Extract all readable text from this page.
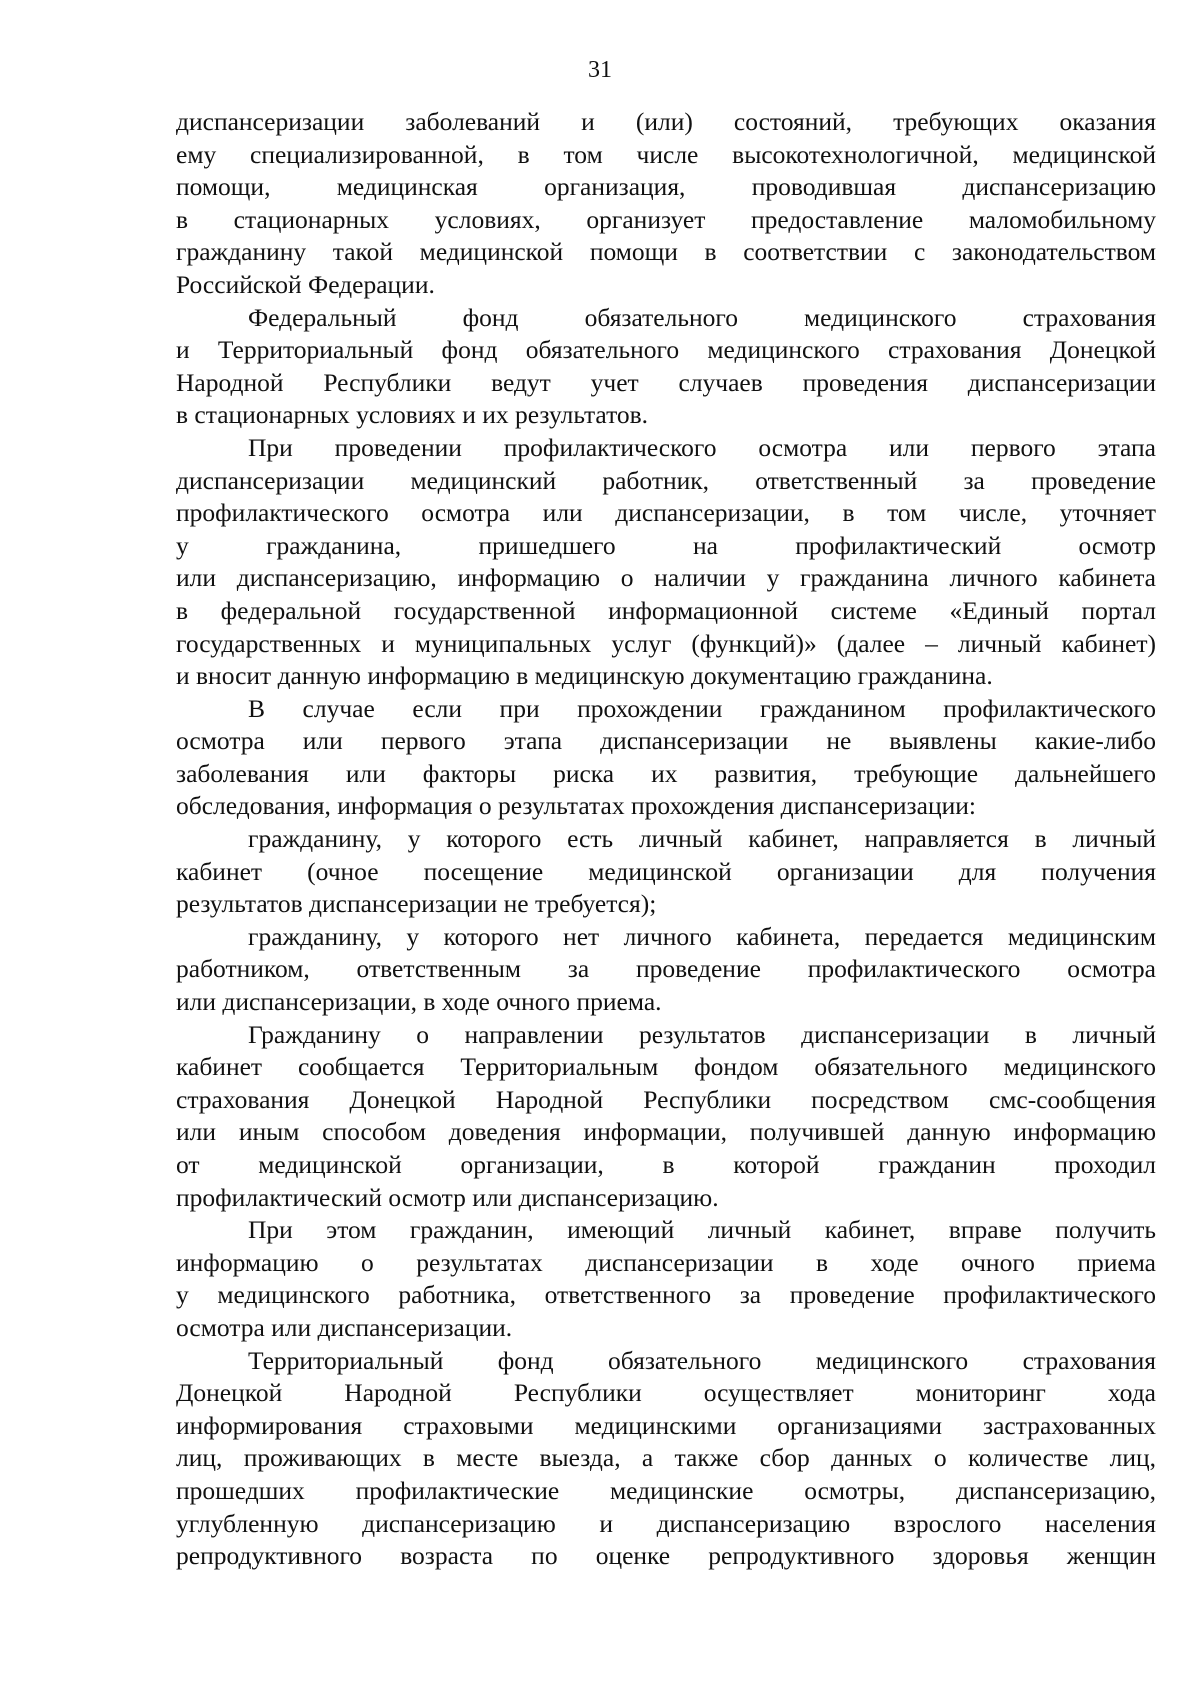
31
диспансеризации заболеваний и (или) состояний, требующих оказания
ему специализированной, в том числе высокотехнологичной, медицинской
помощи, медицинская организация, проводившая диспансеризацию
в стационарных условиях, организует предоставление маломобильному
гражданину такой медицинской помощи в соответствии с законодательством
Российской Федерации.
Федеральный фонд обязательного медицинского страхования
и Территориальный фонд обязательного медицинского страхования Донецкой
Народной Республики ведут учет случаев проведения диспансеризации
в стационарных условиях и их результатов.
При проведении профилактического осмотра или первого этапа
диспансеризации медицинский работник, ответственный за проведение
профилактического осмотра или диспансеризации, в том числе, уточняет
у гражданина, пришедшего на профилактический осмотр
или диспансеризацию, информацию о наличии у гражданина личного кабинета
в федеральной государственной информационной системе «Единый портал
государственных и муниципальных услуг (функций)» (далее – личный кабинет)
и вносит данную информацию в медицинскую документацию гражданина.
В случае если при прохождении гражданином профилактического
осмотра или первого этапа диспансеризации не выявлены какие-либо
заболевания или факторы риска их развития, требующие дальнейшего
обследования, информация о результатах прохождения диспансеризации:
гражданину, у которого есть личный кабинет, направляется в личный
кабинет (очное посещение медицинской организации для получения
результатов диспансеризации не требуется);
гражданину, у которого нет личного кабинета, передается медицинским
работником, ответственным за проведение профилактического осмотра
или диспансеризации, в ходе очного приема.
Гражданину о направлении результатов диспансеризации в личный
кабинет сообщается Территориальным фондом обязательного медицинского
страхования Донецкой Народной Республики посредством смс-сообщения
или иным способом доведения информации, получившей данную информацию
от медицинской организации, в которой гражданин проходил
профилактический осмотр или диспансеризацию.
При этом гражданин, имеющий личный кабинет, вправе получить
информацию о результатах диспансеризации в ходе очного приема
у медицинского работника, ответственного за проведение профилактического
осмотра или диспансеризации.
Территориальный фонд обязательного медицинского страхования
Донецкой Народной Республики осуществляет мониторинг хода
информирования страховыми медицинскими организациями застрахованных
лиц, проживающих в месте выезда, а также сбор данных о количестве лиц,
прошедших профилактические медицинские осмотры, диспансеризацию,
углубленную диспансеризацию и диспансеризацию взрослого населения
репродуктивного возраста по оценке репродуктивного здоровья женщин
